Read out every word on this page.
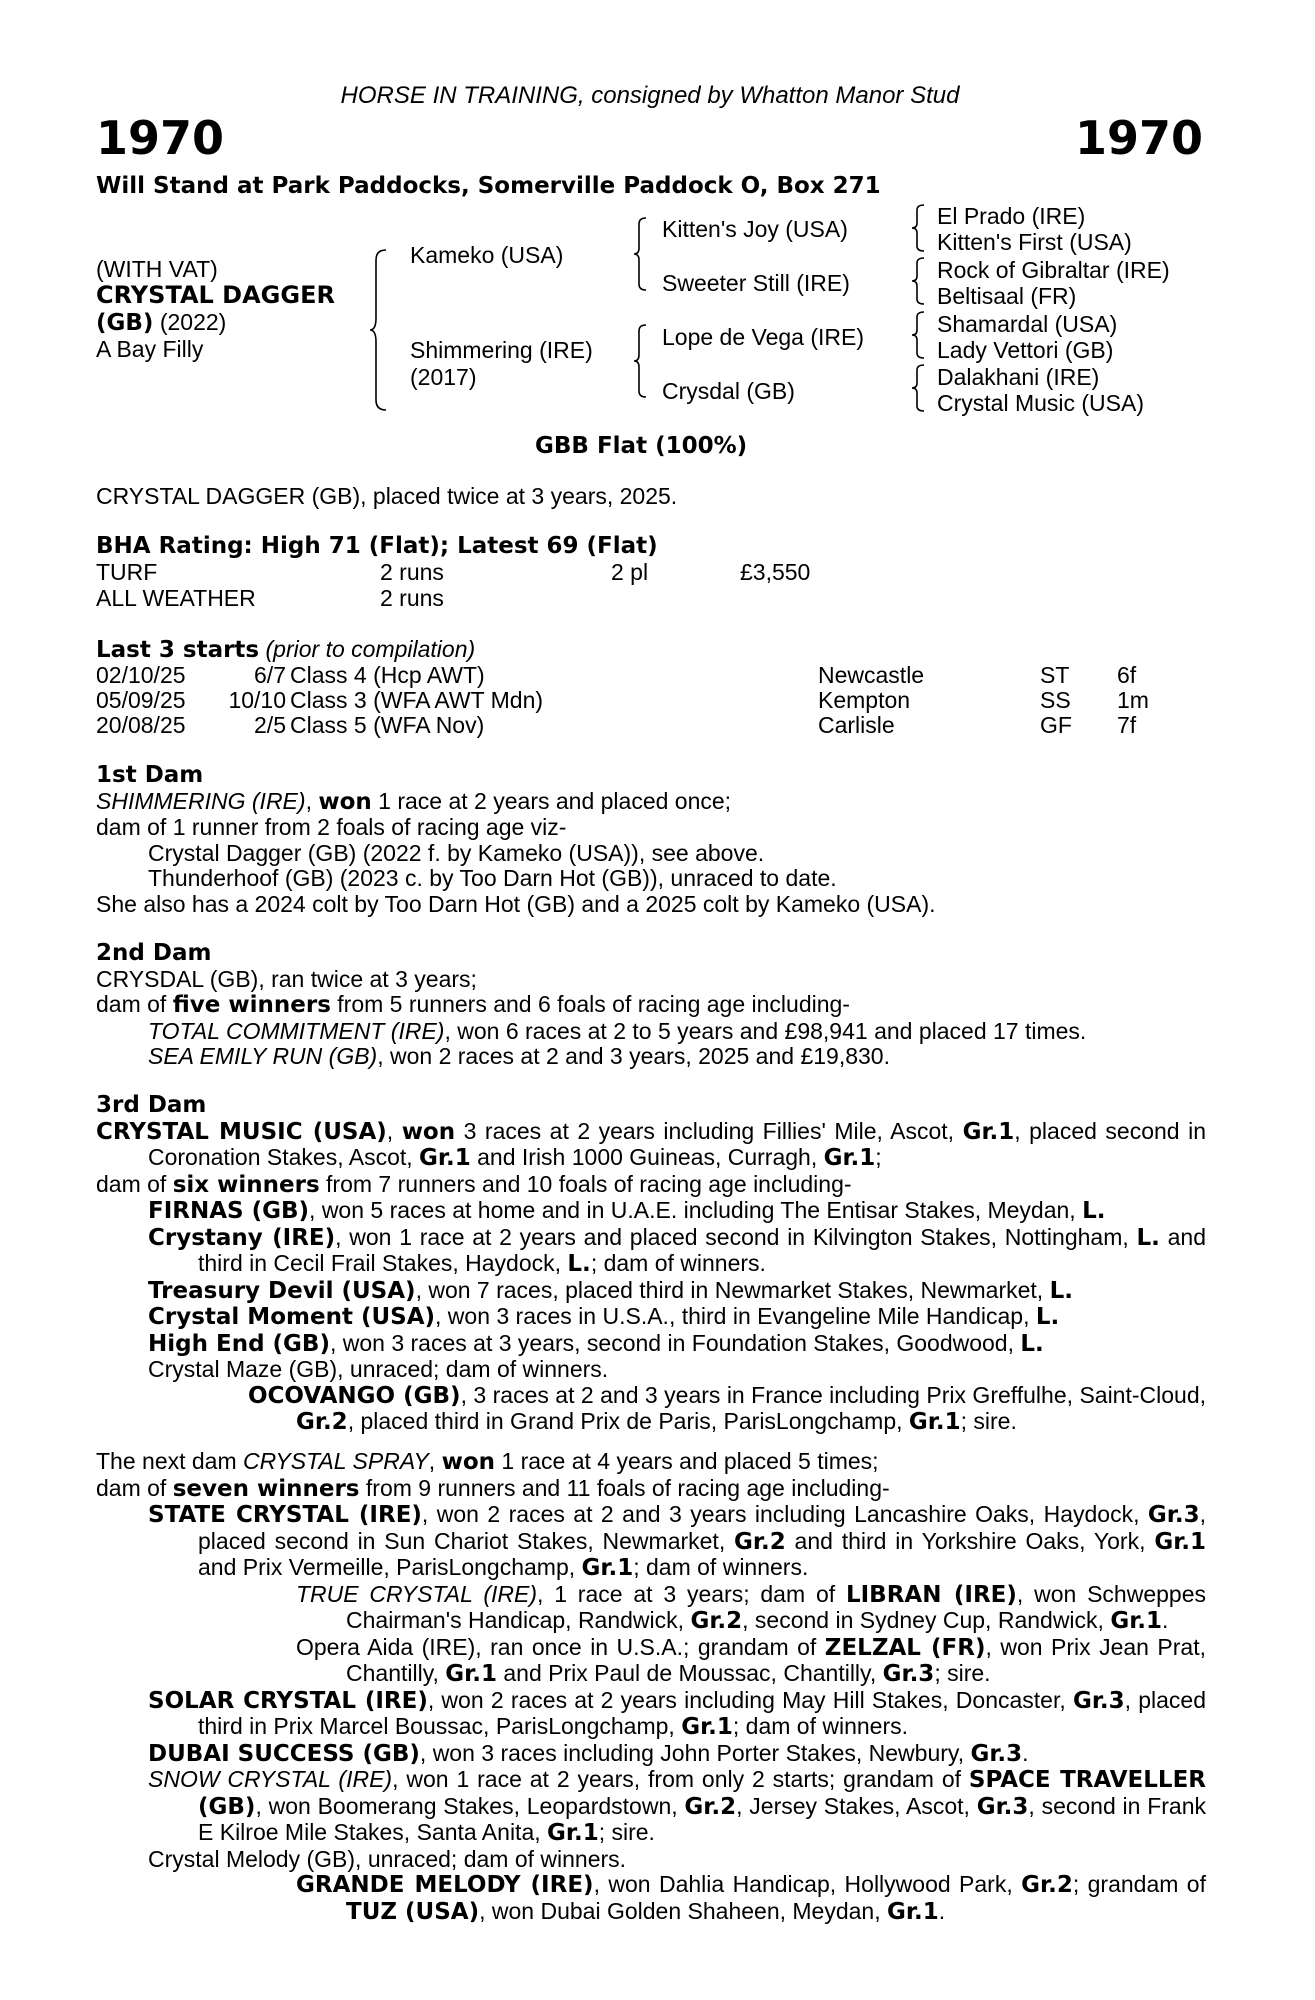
HORSE IN TRAINING, consigned by Whatton Manor Stud
1970	1970
Will Stand at Park Paddocks, Somerville Paddock O, Box 271
(WITH VAT)
CRYSTAL DAGGER
(GB) (2022)
A Bay Filly
Kameko (USA)
Shimmering (IRE)
(2017)
Kitten's Joy (USA)
Sweeter Still (IRE)
Lope de Vega (IRE)
Crysdal (GB)
El Prado (IRE)
Kitten's First (USA)
Rock of Gibraltar (IRE)
Beltisaal (FR)
Shamardal (USA)
Lady Vettori (GB)
Dalakhani (IRE)
Crystal Music (USA)
GBB Flat (100%)
CRYSTAL DAGGER (GB), placed twice at 3 years, 2025.
BHA Rating: High 71 (Flat); Latest 69 (Flat)
TURF	2 runs	2 pl	£3,550
ALL WEATHER	2 runs
Last 3 starts (prior to compilation)
02/10/25	6/7 Class 4 (Hcp AWT)	Newcastle	ST 6f
05/09/25	10/10 Class 3 (WFA AWT Mdn)	Kempton	SS 1m
20/08/25	2/5 Class 5 (WFA Nov)	Carlisle	GF 7f

1st Dam

SHIMMERING (IRE), won 1 race at 2 years and placed once;

dam of 1 runner from 2 foals of racing age viz-

Crystal Dagger (GB) (2022 f. by Kameko (USA)), see above.

Thunderhoof (GB) (2023 c. by Too Darn Hot (GB)), unraced to date.

She also has a 2024 colt by Too Darn Hot (GB) and a 2025 colt by Kameko (USA).

2nd Dam

CRYSDAL (GB), ran twice at 3 years;

dam of five winners from 5 runners and 6 foals of racing age including-

TOTAL COMMITMENT (IRE), won 6 races at 2 to 5 years and £98,941 and placed 17 times.

SEA EMILY RUN (GB), won 2 races at 2 and 3 years, 2025 and £19,830.

3rd Dam

CRYSTAL MUSIC (USA), won 3 races at 2 years including Fillies' Mile, Ascot, Gr.1, placed second in Coronation Stakes, Ascot, Gr.1 and Irish 1000 Guineas, Curragh, Gr.1;

dam of six winners from 7 runners and 10 foals of racing age including-

FIRNAS (GB), won 5 races at home and in U.A.E. including The Entisar Stakes, Meydan, L.

Crystany (IRE), won 1 race at 2 years and placed second in Kilvington Stakes, Nottingham, L. and third in Cecil Frail Stakes, Haydock, L.; dam of winners.

Treasury Devil (USA), won 7 races, placed third in Newmarket Stakes, Newmarket, L.

Crystal Moment (USA), won 3 races in U.S.A., third in Evangeline Mile Handicap, L.

High End (GB), won 3 races at 3 years, second in Foundation Stakes, Goodwood, L.

Crystal Maze (GB), unraced; dam of winners.

OCOVANGO (GB), 3 races at 2 and 3 years in France including Prix Greffulhe, Saint-Cloud, Gr.2, placed third in Grand Prix de Paris, ParisLongchamp, Gr.1; sire.

The next dam CRYSTAL SPRAY, won 1 race at 4 years and placed 5 times;

dam of seven winners from 9 runners and 11 foals of racing age including-

STATE CRYSTAL (IRE), won 2 races at 2 and 3 years including Lancashire Oaks, Haydock, Gr.3, placed second in Sun Chariot Stakes, Newmarket, Gr.2 and third in Yorkshire Oaks, York, Gr.1 and Prix Vermeille, ParisLongchamp, Gr.1; dam of winners.

TRUE CRYSTAL (IRE), 1 race at 3 years; dam of LIBRAN (IRE), won Schweppes Chairman's Handicap, Randwick, Gr.2, second in Sydney Cup, Randwick, Gr.1.

Opera Aida (IRE), ran once in U.S.A.; grandam of ZELZAL (FR), won Prix Jean Prat, Chantilly, Gr.1 and Prix Paul de Moussac, Chantilly, Gr.3; sire.

SOLAR CRYSTAL (IRE), won 2 races at 2 years including May Hill Stakes, Doncaster, Gr.3, placed third in Prix Marcel Boussac, ParisLongchamp, Gr.1; dam of winners.

DUBAI SUCCESS (GB), won 3 races including John Porter Stakes, Newbury, Gr.3.

SNOW CRYSTAL (IRE), won 1 race at 2 years, from only 2 starts; grandam of SPACE TRAVELLER (GB), won Boomerang Stakes, Leopardstown, Gr.2, Jersey Stakes, Ascot, Gr.3, second in Frank E Kilroe Mile Stakes, Santa Anita, Gr.1; sire.

Crystal Melody (GB), unraced; dam of winners.

GRANDE MELODY (IRE), won Dahlia Handicap, Hollywood Park, Gr.2; grandam of TUZ (USA), won Dubai Golden Shaheen, Meydan, Gr.1.
